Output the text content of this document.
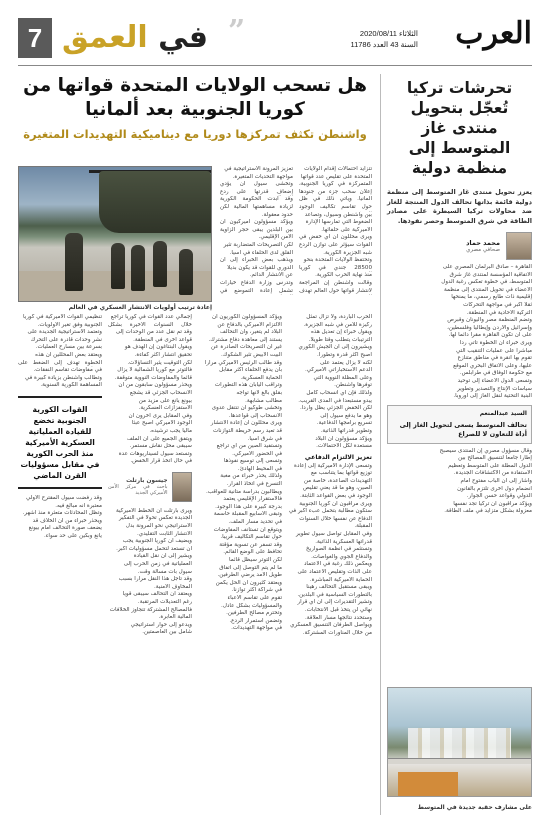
7	في العمق	”	الثلاثاء 2020/08/11
السنة 43 العدد 11786 العرب
تحرشات تركيا تُعجّل بتحويل منتدى غاز المتوسط إلى منظمة دولية
يعزز تحويل منتدى غاز المتوسط إلى منظمة دولية قائمة بذاتها تحالف الدول المنتجة للغاز ضد محاولات تركيا السيطرة على مصادر الطاقة في شرق المتوسط وحصر نفوذها.
محمد حماد
صحافي مصري
القاهرة – صادق البرلمان المصري على
الاتفاقية المؤسسة لمنتدى غاز شرق
المتوسط، في خطوة تعكس رغبة الدول
الأعضاء في تحويل المنتدى إلى منظمة
إقليمية ذات طابع رسمي، ما يمنحها
ثقلا أكبر في مواجهة التحركات
التركية الأحادية في المنطقة.
وتضم المنظمة مصر واليونان وقبرص
وإسرائيل والأردن وإيطاليا وفلسطين،
على أن تكون القاهرة مقرا دائما لها.
ويرى خبراء أن الخطوة تأتي ردا
مباشرا على عمليات التنقيب التي
تقوم بها أنقرة في مناطق متنازع
عليها، وعلى الاتفاق البحري الموقع
مع حكومة الوفاق في طرابلس.
وتسعى الدول الأعضاء إلى توحيد
سياسات الإنتاج والتصدير وتطوير
البنية التحتية لنقل الغاز إلى أوروبا.
السيد عبدالمنعم
تحالف المتوسط يسعى لتحويل الغاز إلى أداة للتعاون لا للصراع
وقال مسؤول مصري إن المنتدى سيصبح
إطارا جامعا لتنسيق المصالح بين
الدول المطلة على المتوسط وتعظيم
الاستفادة من الاكتشافات الجديدة.
وأشار إلى أن الباب مفتوح أمام
انضمام دول أخرى تلتزم بالقانون
الدولي وقواعد حسن الجوار.
ويؤكد مراقبون أن تركيا تجد نفسها
معزولة بشكل متزايد في ملف الطاقة.
على مشارف حقبة جديدة في المتوسط
هل تسحب الولايات المتحدة قواتها من كوريا الجنوبية بعد ألمانيا
واشنطن تكثف تمركزها دوريا مع ديناميكية التهديدات المتغيرة
إعادة ترتيب أولويات الانتشار العسكري في العالم
تتزايد احتمالات إقدام الولايات
المتحدة على تقليص عدد قواتها
المتمركزة في كوريا الجنوبية،
إعلان سحب جزء من جنودها
ألمانيا. ويأتي ذلك في ظل
حول تقاسم تكاليف الوجود
بين واشنطن وسيول، وتصاعد
الضغوط التي تمارسها الإدارة
الأميركية على حلفائها.
ويرى محللون أن أي خفض في
القوات سيؤثر على توازن الردع
شبه الجزيرة الكورية.
وتحتفظ الولايات المتحدة بنحو
28500 جندي في كوريا
منذ نهاية الحرب الكورية.
وقالت واشنطن إن المراجعة
لانتشار قواتها حول العالم تهدف
تعزيز المرونة الاستراتيجية في
مواجهة التحديات المتغيرة.
وتخشى سيول أن يؤدي
إضعاف قدرتها على ردع
وقد أبدت الحكومة الكورية
لزيادة مساهمتها المالية لكن
حدود معقولة.
ويؤكد مسؤولون أميركيون أن
بين البلدين يبقى حجر الزاوية
الأمن الإقليمي.
لكن التصريحات المتضاربة تثير
القلق لدى الحلفاء في آسيا.
ويذهب بعض الخبراء إلى أن
الدوري للقوات قد يكون بديلا
عن الانتشار الدائم.
وتدرس وزارة الدفاع خيارات
تشمل إعادة التموضع في
الحرب الباردة، ولا تزال تمثل
ركيزة للأمن في شبه الجزيرة.
ويقول خبراء إن تعديل هذه
الترتيبات يتطلب وقتا طويلا.
ويشيرون إلى أن الجيش الكوري
أصبح أكثر قدرة وتطورا.
لكنه لا يزال يعتمد على
الدعم الاستخباراتي الأميركي.
وعلى المظلة النووية التي
توفرها واشنطن.
ولذلك فإن أي انسحاب كامل
يبدو مستبعدا في المدى القريب.
لكن الخفض الجزئي يظل واردا.
وهو ما يدفع سيول إلى
تسريع برامجها الدفاعية.
وتطوير قدراتها الذاتية.
ويؤكد مسؤولون أن البلاد
مستعدة لكل الاحتمالات.
تعزيز الالتزام الدفاعي
وتسعى الإدارة الأميركية إلى إعادة
توزيع قواتها بما يتناسب مع
التهديدات الصاعدة، خاصة من
الصين، وهو ما قد يعني تقليص
الوجود في بعض القواعد الثابتة.
ويرى مراقبون أن كوريا الجنوبية
ستكون مطالبة بتحمل عبء أكبر في
الدفاع عن نفسها خلال السنوات
المقبلة.
وفي المقابل تواصل سيول تطوير
قدراتها العسكرية الذاتية.
وتستثمر في أنظمة الصواريخ
والدفاع الجوي والغواصات.
ويعكس ذلك رغبة في الاعتماد
على الذات وتقليص الاعتماد على
الحماية الأميركية المباشرة.
ويبقى مستقبل التحالف رهينا
بالتطورات السياسية في البلدين.
وتشير التقديرات إلى أن أي قرار
نهائي لن يتخذ قبل الانتخابات.
وستحدد نتائجها مسار العلاقة.
ويواصل الطرفان التنسيق العسكري
من خلال المناورات المشتركة.
ويؤكد المسؤولون الكوريون أن
الالتزام الأميركي بالدفاع عن
البلاد لم يتغير، وأن التحالف
يستند إلى معاهدة دفاع مشترك.
غير أن التصريحات الصادرة عن
البيت الأبيض تثير الشكوك.
وقد طالب الرئيس الأميركي مرارا
بأن يدفع الحلفاء أكثر مقابل
الحماية العسكرية.
وتراقب اليابان هذه التطورات
بقلق بالغ لأنها تواجه
مطالب مشابهة.
وتخشى طوكيو أن تنتقل عدوى
الانسحاب إلى قواعدها.
ويرى محللون أن إعادة الانتشار
قد تعيد رسم خريطة التوازنات
في شرق آسيا.
وتستفيد الصين من أي تراجع
في الحضور الأميركي.
وتسعى إلى توسيع نفوذها
في المحيط الهادئ.
ولذلك يحذر خبراء من مغبة
التسرع في اتخاذ القرار.
ويطالبون بدراسة متأنية للعواقب.
فالاستقرار الإقليمي يعتمد
بدرجة كبيرة على هذا الوجود.
وتبقى الأسابيع المقبلة حاسمة
في تحديد مسار الملف.
ويتوقع أن تستأنف المفاوضات
حول تقاسم التكاليف قريبا.
وقد تسفر عن تسوية مؤقتة
تحافظ على الوضع القائم.
لكن التوتر سيظل قائما
ما لم يتم التوصل إلى اتفاق
طويل الأمد يرضي الطرفين.
ويعتقد كثيرون أن الحل يكمن
في شراكة أكثر توازنا.
تقوم على تقاسم الأعباء
والمسؤوليات بشكل عادل.
وتحترم مصالح الطرفين.
وتضمن استمرار الردع.
في مواجهة التهديدات.
إجمالي عدد القوات في كوريا تراجع
خلال السنوات الأخيرة بشكل
وقد تم نقل عدد من الوحدات إلى
قواعد أخرى في المنطقة.
ويقول البنتاغون إن الهدف هو
تحقيق انتشار أكثر كفاءة.
لكن التوقيت يثير التساؤلات.
فالتوتر مع كوريا الشمالية لا يزال
قائما والمفاوضات النووية متوقفة.
ويحذر مسؤولون سابقون من أن
الانسحاب الجزئي قد يشجع
بيونغ يانغ على مزيد من
الاستفزازات العسكرية.
وفي المقابل يرى آخرون أن
الوجود الأميركي أصبح عبئا
ماليا يجب ترشيده.
ويتفق الجميع على أن الملف
سيبقى محل نقاش مستمر.
وتستعد سيول لسيناريوهات عدة
في حال اتخذ قرار الخفض.
جيسون بارتلت
باحث في مركز الأمن الأميركي الجديد
ويرى بارتلت أن الخطط الأميركية
الجديدة تعكس تحولا في التفكير
الاستراتيجي نحو المرونة بدل
الانتشار الثابت التقليدي.
ويضيف أن كوريا الجنوبية يجب
أن تستعد لتحمل مسؤوليات أكبر.
ويشير إلى أن نقل القيادة
العملياتية في زمن الحرب إلى
سيول بات مسألة وقت.
وقد تأجل هذا النقل مرارا بسبب
المخاوف الأمنية.
ويعتقد أن التحالف سيبقى قويا
رغم التعديلات المرتقبة.
فالمصالح المشتركة تتجاوز الخلافات
المالية العابرة.
ويدعو إلى حوار استراتيجي
شامل بين العاصمتين.
تنظيمي القوات الأميركية في كوريا
الجنوبية وفق تغير الأولويات.
وتعتمد الاستراتيجية الجديدة على
نشر وحدات قادرة على التحرك
بسرعة بين مسارح العمليات.
ويعتقد بعض المحللين أن هذه
الخطوة تهدف إلى الضغط على
في مفاوضات تقاسم النفقات.
وتطالب واشنطن بزيادة كبيرة في
المساهمة الكورية السنوية.
القوات الكورية الجنوبية تخضع للقيادة العملياتية العسكرية الأميركية منذ الحرب الكورية في مقابل مسؤوليات القرن الماضي
وقد رفضت سيول المقترح الأولي
معتبرة أنه مبالغ فيه.
وتظل المحادثات متعثرة منذ أشهر.
ويحذر خبراء من أن الخلاف قد
يضعف صورة التحالف أمام بيونغ
يانغ وبكين على حد سواء.
